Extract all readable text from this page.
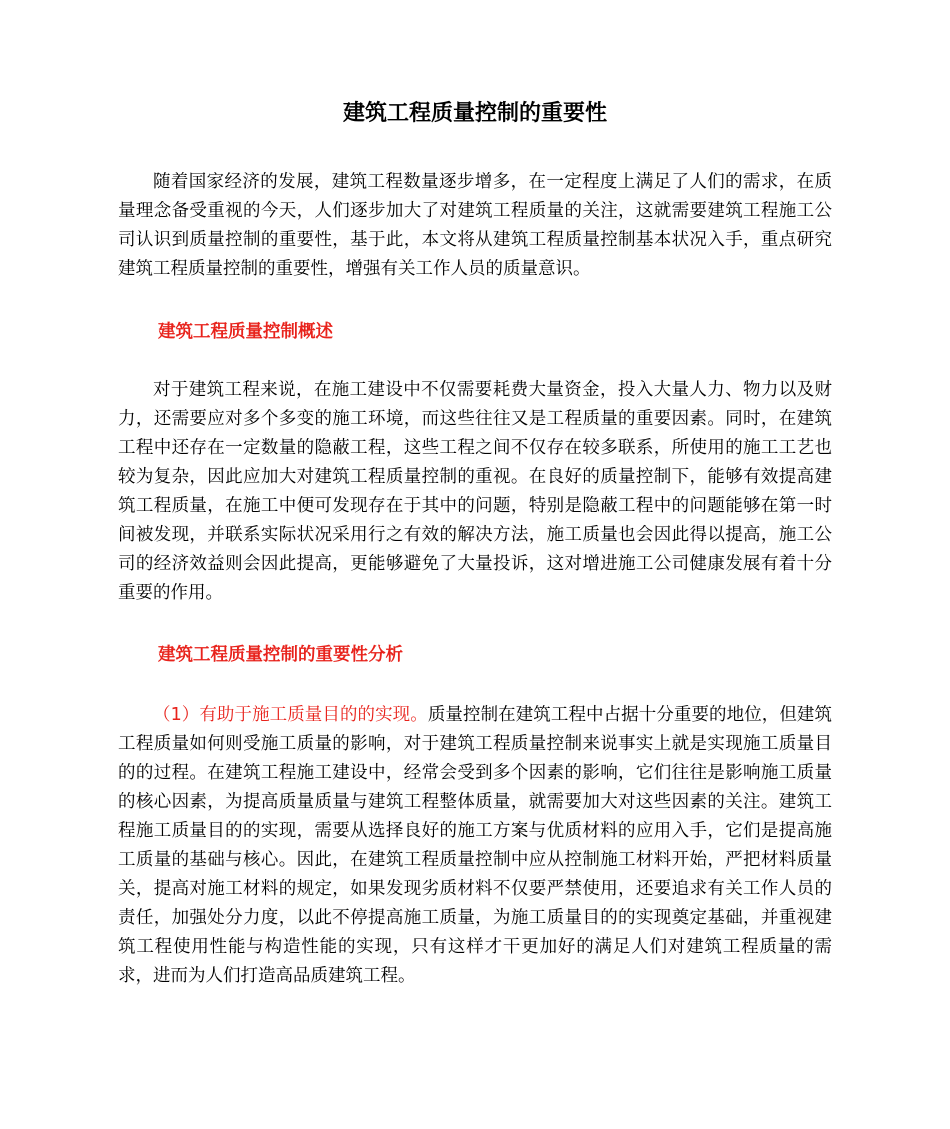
建筑工程质量控制的重要性

随着国家经济的发展，建筑工程数量逐步增多，在一定程度上满足了人们的需求，在质量理念备受重视的今天，人们逐步加大了对建筑工程质量的关注，这就需要建筑工程施工公司认识到质量控制的重要性，基于此，本文将从建筑工程质量控制基本状况入手，重点研究建筑工程质量控制的重要性，增强有关工作人员的质量意识。

建筑工程质量控制概述

对于建筑工程来说，在施工建设中不仅需要耗费大量资金，投入大量人力、物力以及财力，还需要应对多个多变的施工环境，而这些往往又是工程质量的重要因素。同时，在建筑工程中还存在一定数量的隐蔽工程，这些工程之间不仅存在较多联系，所使用的施工工艺也较为复杂，因此应加大对建筑工程质量控制的重视。在良好的质量控制下，能够有效提高建筑工程质量，在施工中便可发现存在于其中的问题，特别是隐蔽工程中的问题能够在第一时间被发现，并联系实际状况采用行之有效的解决方法，施工质量也会因此得以提高，施工公司的经济效益则会因此提高，更能够避免了大量投诉，这对增进施工公司健康发展有着十分重要的作用。

建筑工程质量控制的重要性分析

（1）有助于施工质量目的的实现。质量控制在建筑工程中占据十分重要的地位，但建筑工程质量如何则受施工质量的影响，对于建筑工程质量控制来说事实上就是实现施工质量目的的过程。在建筑工程施工建设中，经常会受到多个因素的影响，它们往往是影响施工质量的核心因素，为提高质量质量与建筑工程整体质量，就需要加大对这些因素的关注。建筑工程施工质量目的的实现，需要从选择良好的施工方案与优质材料的应用入手，它们是提高施工质量的基础与核心。因此，在建筑工程质量控制中应从控制施工材料开始，严把材料质量关，提高对施工材料的规定，如果发现劣质材料不仅要严禁使用，还要追求有关工作人员的责任，加强处分力度，以此不停提高施工质量，为施工质量目的的实现奠定基础，并重视建筑工程使用性能与构造性能的实现，只有这样才干更加好的满足人们对建筑工程质量的需求，进而为人们打造高品质建筑工程。
